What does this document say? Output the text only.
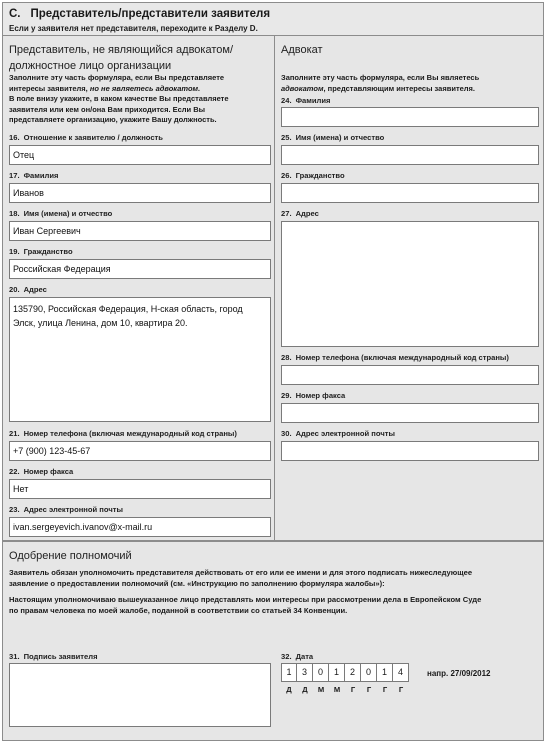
C. Представитель/представители заявителя
Если у заявителя нет представителя, переходите к Разделу D.
Представитель, не являющийся адвокатом/
должностное лицо организации
Заполните эту часть формуляра, если Вы представляете
интересы заявителя, но не являетесь адвокатом.
В поле внизу укажите, в каком качестве Вы представляете
заявителя или кем он/она Вам приходится. Если Вы
представляете организацию, укажите Вашу должность.
16. Отношение к заявителю / должность
Отец
17. Фамилия
Иванов
18. Имя (имена) и отчество
Иван Сергеевич
19. Гражданство
Российская Федерация
20. Адрес
135790, Российская Федерация, Н-ская область, город Элск, улица Ленина, дом 10, квартира 20.
21. Номер телефона (включая международный код страны)
+7 (900) 123-45-67
22. Номер факса
Нет
23. Адрес электронной почты
ivan.sergeyevich.ivanov@x-mail.ru
Адвокат
Заполните эту часть формуляра, если Вы являетесь
адвокатом, представляющим интересы заявителя.
24. Фамилия
25. Имя (имена) и отчество
26. Гражданство
27. Адрес
28. Номер телефона (включая международный код страны)
29. Номер факса
30. Адрес электронной почты
Одобрение полномочий
Заявитель обязан уполномочить представителя действовать от его или ее имени и для этого подписать нижеследующее
заявление о предоставлении полномочий (см. «Инструкцию по заполнению формуляра жалобы»):
Настоящим уполномочиваю вышеуказанное лицо представлять мои интересы при рассмотрении дела в Европейском Суде
по правам человека по моей жалобе, поданной в соответствии со статьей 34 Конвенции.
31. Подпись заявителя	32. Дата
1	3	0	1	2	0	1	4	напр. 27/09/2012
Д	Д	М	М	Г	Г	Г	Г
